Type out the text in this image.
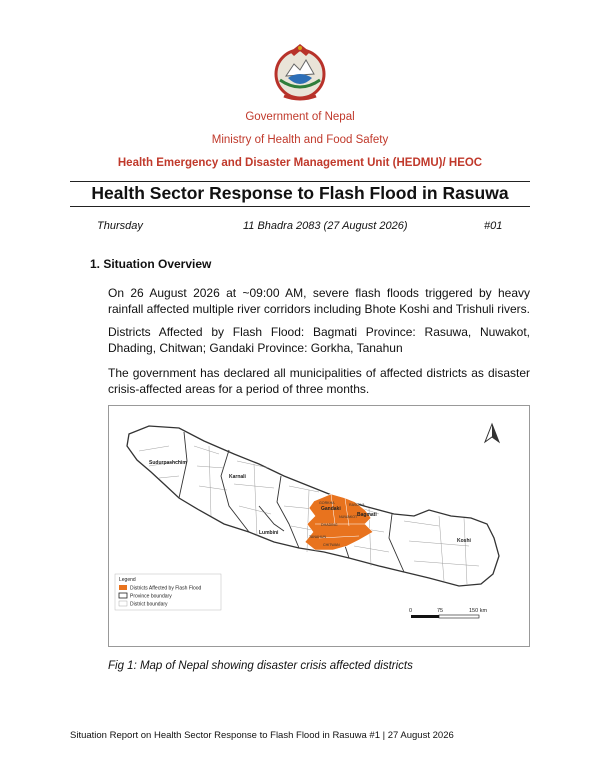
Government of Nepal
Ministry of Health and Food Safety
Health Emergency and Disaster Management Unit (HEDMU)/ HEOC
Health Sector Response to Flash Flood in Rasuwa
Thursday	11 Bhadra 2083 (27 August 2026)	#01
1. Situation Overview

On 26 August 2026 at ~09:00 AM, severe flash floods triggered by heavy rainfall affected multiple river corridors including Bhote Koshi and Trishuli rivers.

Districts Affected by Flash Flood: Bagmati Province: Rasuwa, Nuwakot, Dhading, Chitwan; Gandaki Province: Gorkha, Tanahun

The government has declared all municipalities of affected districts as disaster crisis-affected areas for a period of three months.

Sudurpashchim
Karnali
Gandaki
Lumbini
Bagmati
Koshi
RASUWA
NUWAKOT
DHADING
GORKHA
TANAHUN
CHITWAN
Legend
Districts Affected by Flash Flood
Province boundary
District boundary
0	75	150 km
Fig 1: Map of Nepal showing disaster crisis affected districts
Situation Report on Health Sector Response to Flash Flood in Rasuwa #1 | 27 August 2026
